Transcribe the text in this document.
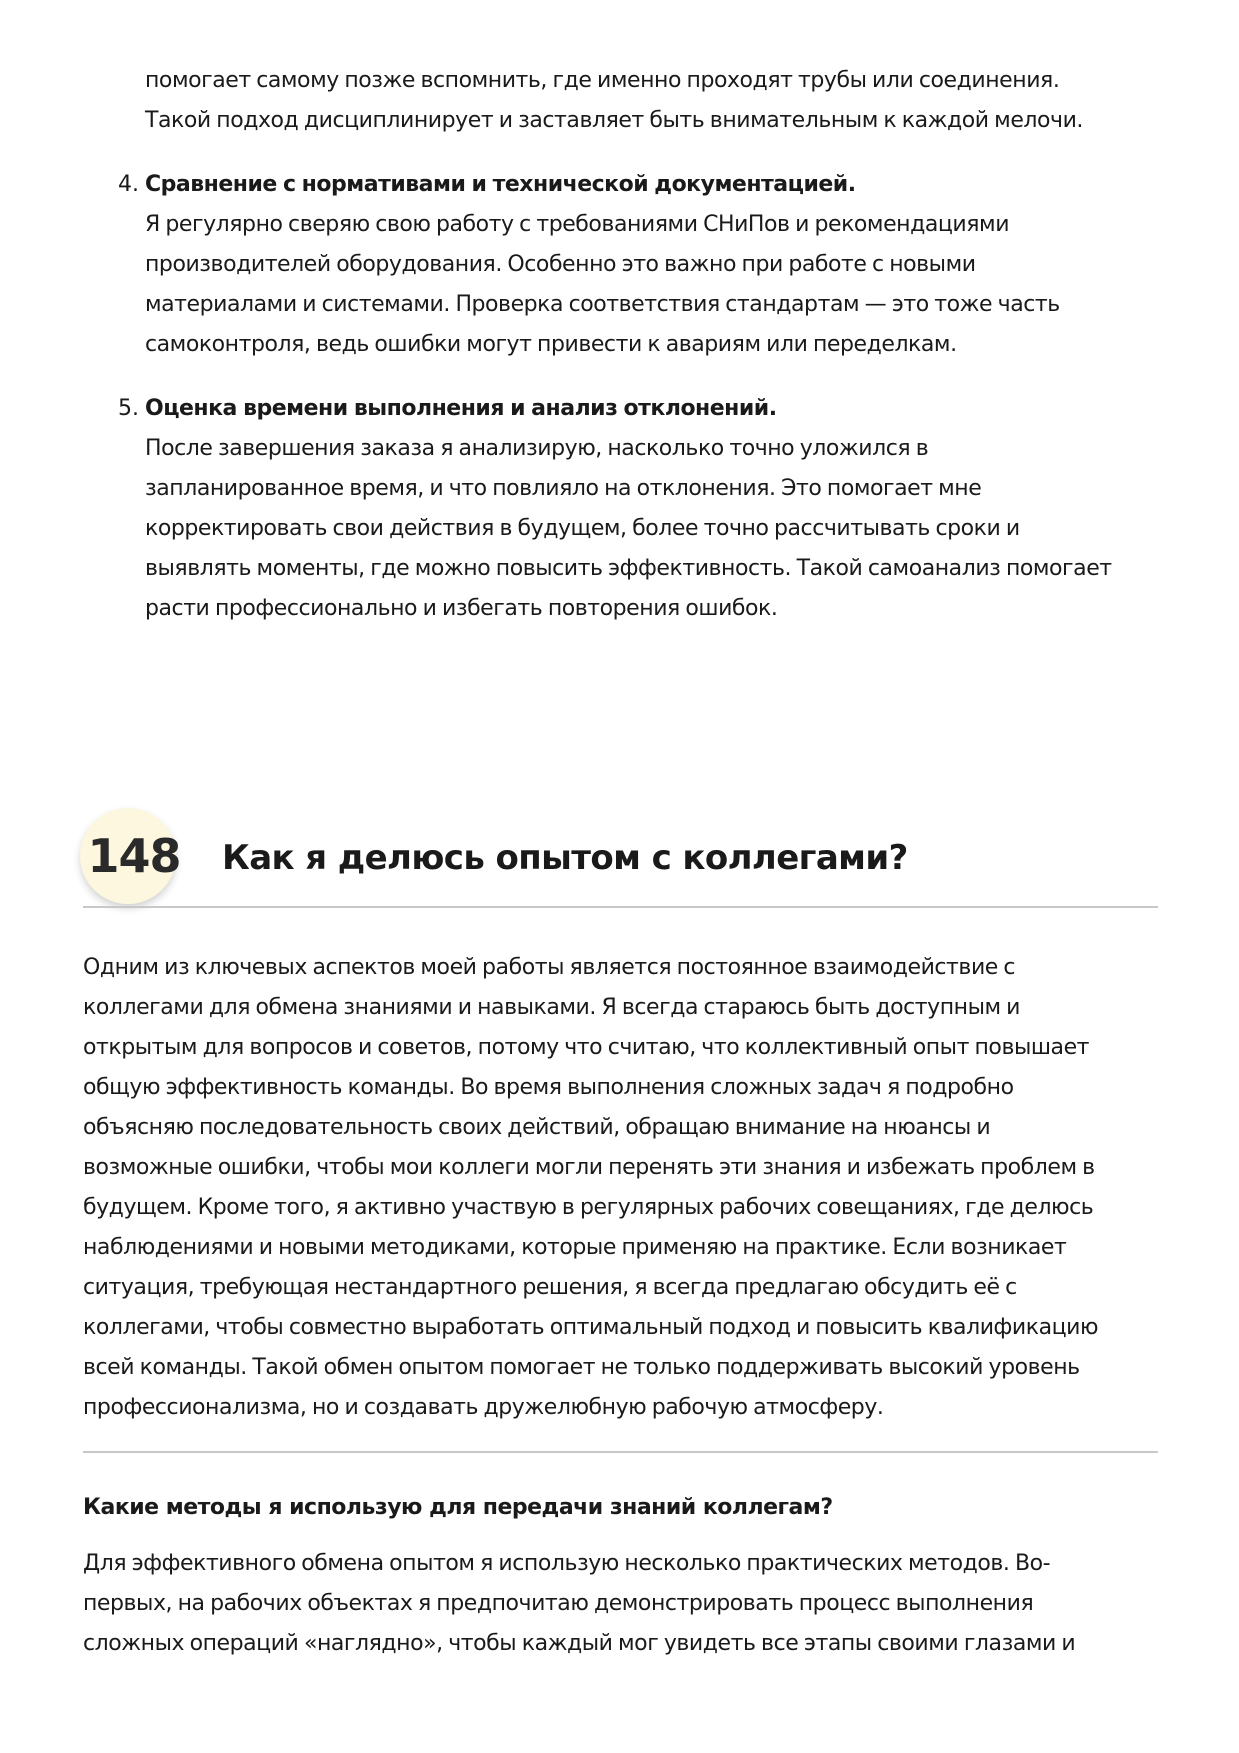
помогает самому позже вспомнить, где именно проходят трубы или соединения.
Такой подход дисциплинирует и заставляет быть внимательным к каждой мелочи.
4. Сравнение с нормативами и технической документацией.
Я регулярно сверяю свою работу с требованиями СНиПов и рекомендациями
производителей оборудования. Особенно это важно при работе с новыми
материалами и системами. Проверка соответствия стандартам — это тоже часть
самоконтроля, ведь ошибки могут привести к авариям или переделкам.
5. Оценка времени выполнения и анализ отклонений.
После завершения заказа я анализирую, насколько точно уложился в
запланированное время, и что повлияло на отклонения. Это помогает мне
корректировать свои действия в будущем, более точно рассчитывать сроки и
выявлять моменты, где можно повысить эффективность. Такой самоанализ помогает
расти профессионально и избегать повторения ошибок.
148 Как я делюсь опытом с коллегами?
Одним из ключевых аспектов моей работы является постоянное взаимодействие с
коллегами для обмена знаниями и навыками. Я всегда стараюсь быть доступным и
открытым для вопросов и советов, потому что считаю, что коллективный опыт повышает
общую эффективность команды. Во время выполнения сложных задач я подробно
объясняю последовательность своих действий, обращаю внимание на нюансы и
возможные ошибки, чтобы мои коллеги могли перенять эти знания и избежать проблем в
будущем. Кроме того, я активно участвую в регулярных рабочих совещаниях, где делюсь
наблюдениями и новыми методиками, которые применяю на практике. Если возникает
ситуация, требующая нестандартного решения, я всегда предлагаю обсудить её с
коллегами, чтобы совместно выработать оптимальный подход и повысить квалификацию
всей команды. Такой обмен опытом помогает не только поддерживать высокий уровень
профессионализма, но и создавать дружелюбную рабочую атмосферу.
Какие методы я использую для передачи знаний коллегам?
Для эффективного обмена опытом я использую несколько практических методов. Во-
первых, на рабочих объектах я предпочитаю демонстрировать процесс выполнения
сложных операций «наглядно», чтобы каждый мог увидеть все этапы своими глазами и
